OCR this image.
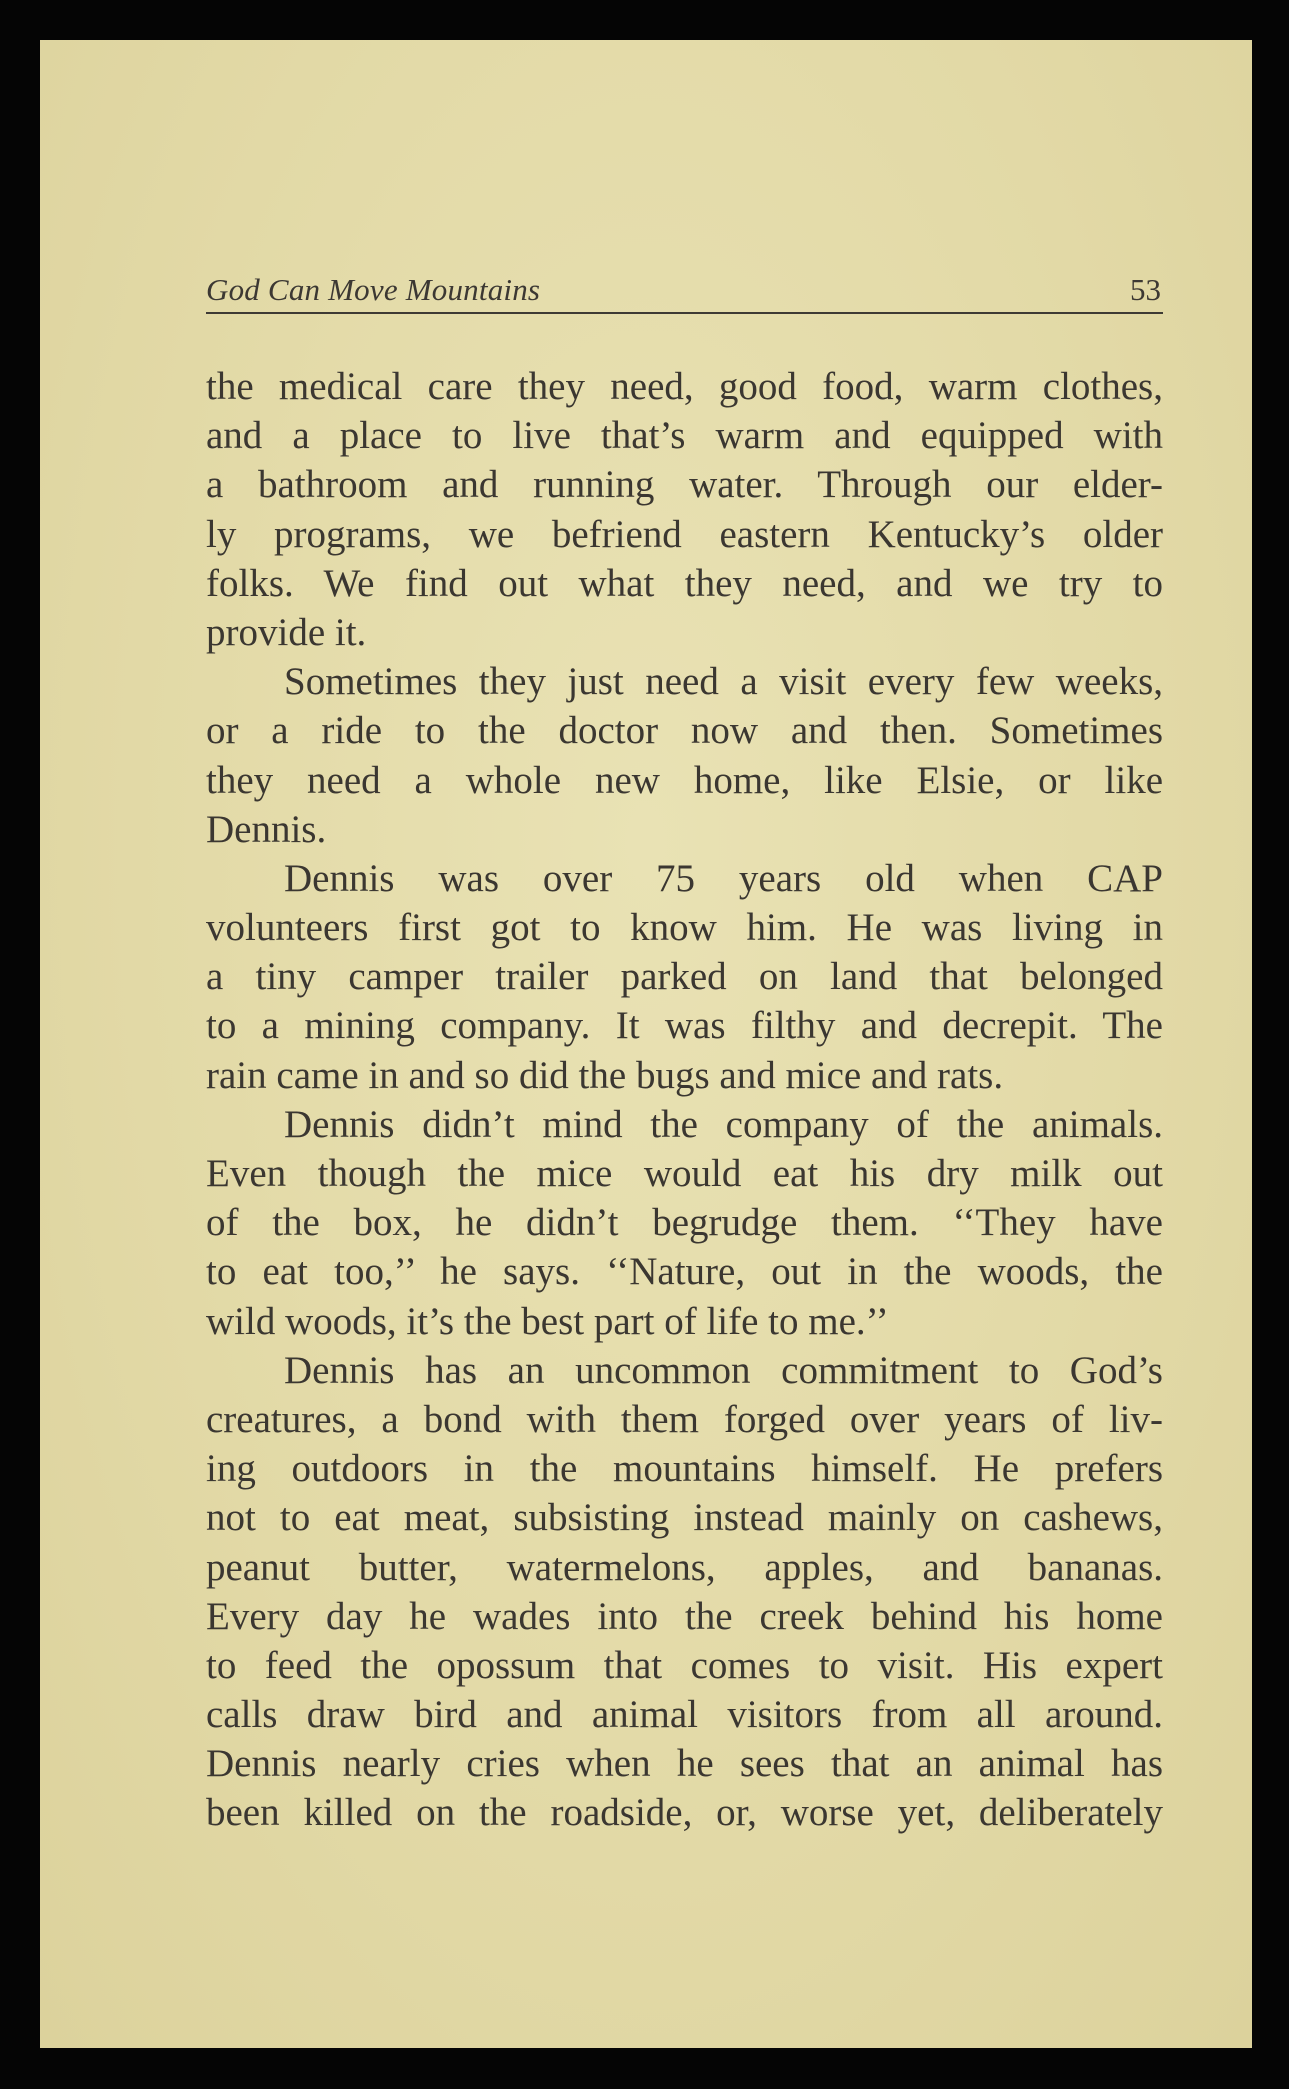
God Can Move Mountains	53
the medical care they need, good food, warm clothes,
and a place to live that’s warm and equipped with
a bathroom and running water. Through our elder-
ly programs, we befriend eastern Kentucky’s older
folks. We find out what they need, and we try to
provide it.
Sometimes they just need a visit every few weeks,
or a ride to the doctor now and then. Sometimes
they need a whole new home, like Elsie, or like
Dennis.
Dennis was over 75 years old when CAP
volunteers first got to know him. He was living in
a tiny camper trailer parked on land that belonged
to a mining company. It was filthy and decrepit. The
rain came in and so did the bugs and mice and rats.
Dennis didn’t mind the company of the animals.
Even though the mice would eat his dry milk out
of the box, he didn’t begrudge them. ‘‘They have
to eat too,’’ he says. ‘‘Nature, out in the woods, the
wild woods, it’s the best part of life to me.’’
Dennis has an uncommon commitment to God’s
creatures, a bond with them forged over years of liv-
ing outdoors in the mountains himself. He prefers
not to eat meat, subsisting instead mainly on cashews,
peanut butter, watermelons, apples, and bananas.
Every day he wades into the creek behind his home
to feed the opossum that comes to visit. His expert
calls draw bird and animal visitors from all around.
Dennis nearly cries when he sees that an animal has
been killed on the roadside, or, worse yet, deliberately
